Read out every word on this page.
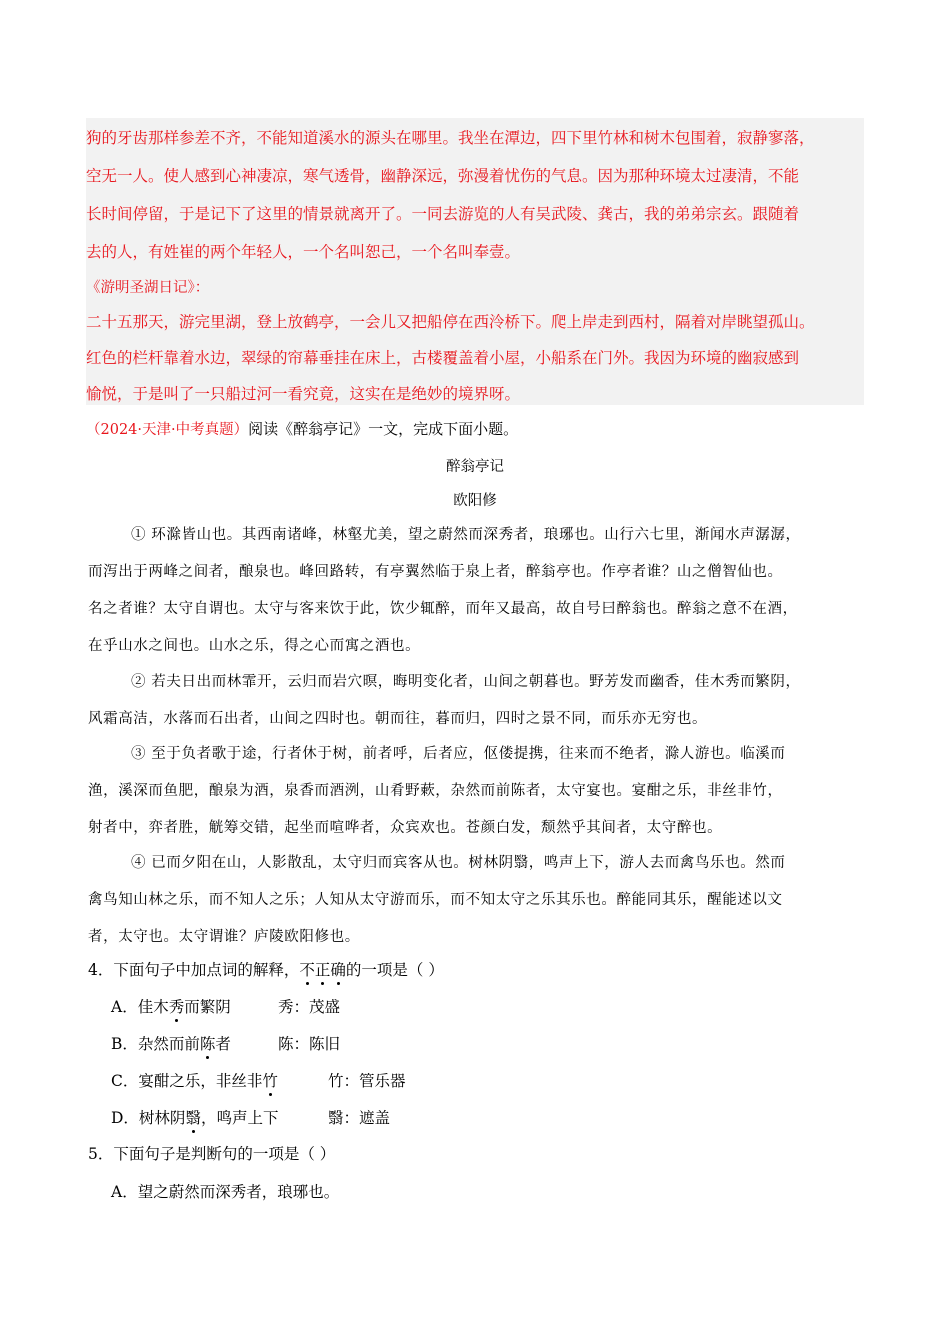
狗的牙齿那样参差不齐，不能知道溪水的源头在哪里。我坐在潭边，四下里竹林和树木包围着，寂静寥落，
空无一人。使人感到心神凄凉，寒气透骨，幽静深远，弥漫着忧伤的气息。因为那种环境太过凄清，不能
长时间停留，于是记下了这里的情景就离开了。一同去游览的人有吴武陵、龚古，我的弟弟宗玄。跟随着
去的人，有姓崔的两个年轻人，一个名叫恕己，一个名叫奉壹。
《游明圣湖日记》：
二十五那天，游完里湖，登上放鹤亭，一会儿又把船停在西泠桥下。爬上岸走到西村，隔着对岸眺望孤山。
红色的栏杆靠着水边，翠绿的帘幕垂挂在床上，古楼覆盖着小屋，小船系在门外。我因为环境的幽寂感到
愉悦，于是叫了一只船过河一看究竟，这实在是绝妙的境界呀。
（2024·天津·中考真题）阅读《醉翁亭记》一文，完成下面小题。
醉翁亭记
欧阳修
① 环滁皆山也。其西南诸峰，林壑尤美，望之蔚然而深秀者，琅琊也。山行六七里，渐闻水声潺潺，
而泻出于两峰之间者，酿泉也。峰回路转，有亭翼然临于泉上者，醉翁亭也。作亭者谁？山之僧智仙也。
名之者谁？太守自谓也。太守与客来饮于此，饮少辄醉，而年又最高，故自号曰醉翁也。醉翁之意不在酒，
在乎山水之间也。山水之乐，得之心而寓之酒也。
② 若夫日出而林霏开，云归而岩穴暝，晦明变化者，山间之朝暮也。野芳发而幽香，佳木秀而繁阴，
风霜高洁，水落而石出者，山间之四时也。朝而往，暮而归，四时之景不同，而乐亦无穷也。
③ 至于负者歌于途，行者休于树，前者呼，后者应，伛偻提携，往来而不绝者，滁人游也。临溪而
渔，溪深而鱼肥，酿泉为酒，泉香而酒洌，山肴野蔌，杂然而前陈者，太守宴也。宴酣之乐，非丝非竹，
射者中，弈者胜，觥筹交错，起坐而喧哗者，众宾欢也。苍颜白发，颓然乎其间者，太守醉也。
④ 已而夕阳在山，人影散乱，太守归而宾客从也。树林阴翳，鸣声上下，游人去而禽鸟乐也。然而
禽鸟知山林之乐，而不知人之乐；人知从太守游而乐，而不知太守之乐其乐也。醉能同其乐，醒能述以文
者，太守也。太守谓谁？庐陵欧阳修也。
4．下面句子中加点词的解释，不正确的一项是（ ）
A．佳木秀而繁阴	秀：茂盛
B．杂然而前陈者	陈：陈旧
C．宴酣之乐，非丝非竹	竹：管乐器
D．树林阴翳，鸣声上下	翳：遮盖
5．下面句子是判断句的一项是（ ）
A．望之蔚然而深秀者，琅琊也。
